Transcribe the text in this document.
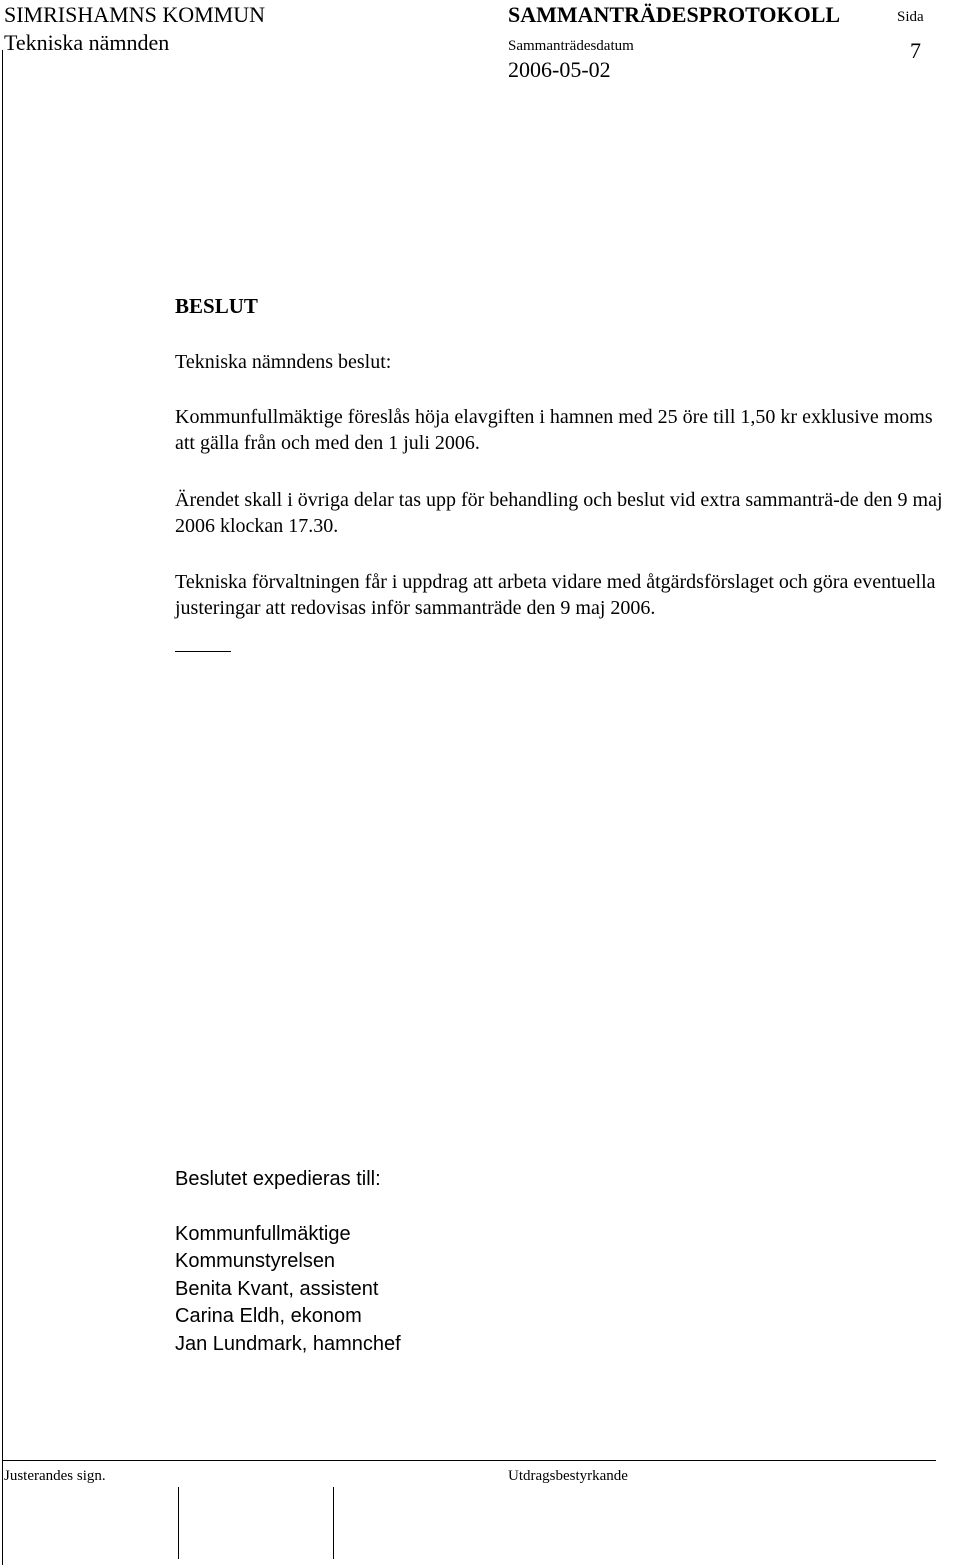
SIMRISHAMNS KOMMUN
Tekniska nämnden
SAMMANTRÄDESPROTOKOLL
Sammanträdesdatum
2006-05-02
Sida
7
BESLUT
Tekniska nämndens beslut:
Kommunfullmäktige föreslås höja elavgiften i hamnen med 25 öre till 1,50 kr exklusive moms att gälla från och med den 1 juli 2006.
Ärendet skall i övriga delar tas upp för behandling och beslut vid extra sammanträ-de den 9 maj 2006 klockan 17.30.
Tekniska förvaltningen får i uppdrag att arbeta vidare med åtgärdsförslaget och göra eventuella justeringar att redovisas inför sammanträde den 9 maj 2006.
Beslutet expedieras till:
Kommunfullmäktige
Kommunstyrelsen
Benita Kvant, assistent
Carina Eldh, ekonom
Jan Lundmark, hamnchef
Justerandes sign.	Utdragsbestyrkande
